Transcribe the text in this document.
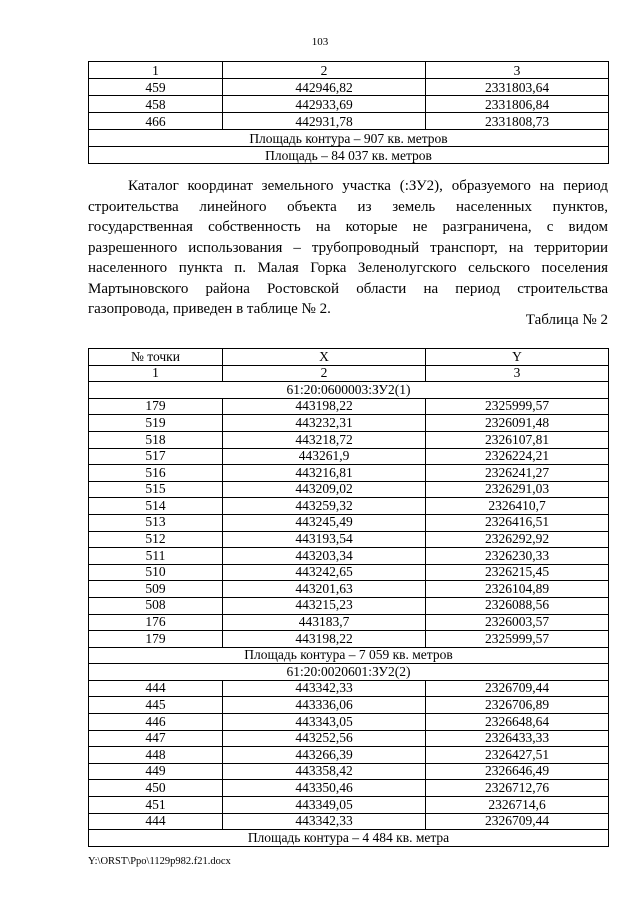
103
1	2	3
459	442946,82	2331803,64
458	442933,69	2331806,84
466	442931,78	2331808,73
Площадь контура – 907 кв. метров		
Площадь – 84 037 кв. метров		
Каталог координат земельного участка (:ЗУ2), образуемого на период строительства линейного объекта из земель населенных пунктов, государственная собственность на которые не разграничена, с видом разрешенного использования – трубопроводный транспорт, на территории населенного пункта п. Малая Горка Зеленолугского сельского поселения Мартыновского района Ростовской области на период строительства газопровода, приведен в таблице № 2.
Таблица № 2
№ точки	X	Y
1	2	3
61:20:0600003:ЗУ2(1)		
179	443198,22	2325999,57
519	443232,31	2326091,48
518	443218,72	2326107,81
517	443261,9	2326224,21
516	443216,81	2326241,27
515	443209,02	2326291,03
514	443259,32	2326410,7
513	443245,49	2326416,51
512	443193,54	2326292,92
511	443203,34	2326230,33
510	443242,65	2326215,45
509	443201,63	2326104,89
508	443215,23	2326088,56
176	443183,7	2326003,57
179	443198,22	2325999,57
Площадь контура – 7 059 кв. метров		
61:20:0020601:ЗУ2(2)		
444	443342,33	2326709,44
445	443336,06	2326706,89
446	443343,05	2326648,64
447	443252,56	2326433,33
448	443266,39	2326427,51
449	443358,42	2326646,49
450	443350,46	2326712,76
451	443349,05	2326714,6
444	443342,33	2326709,44
Площадь контура – 4 484 кв. метра		
Y:\ORST\Ppo\1129p982.f21.docx
